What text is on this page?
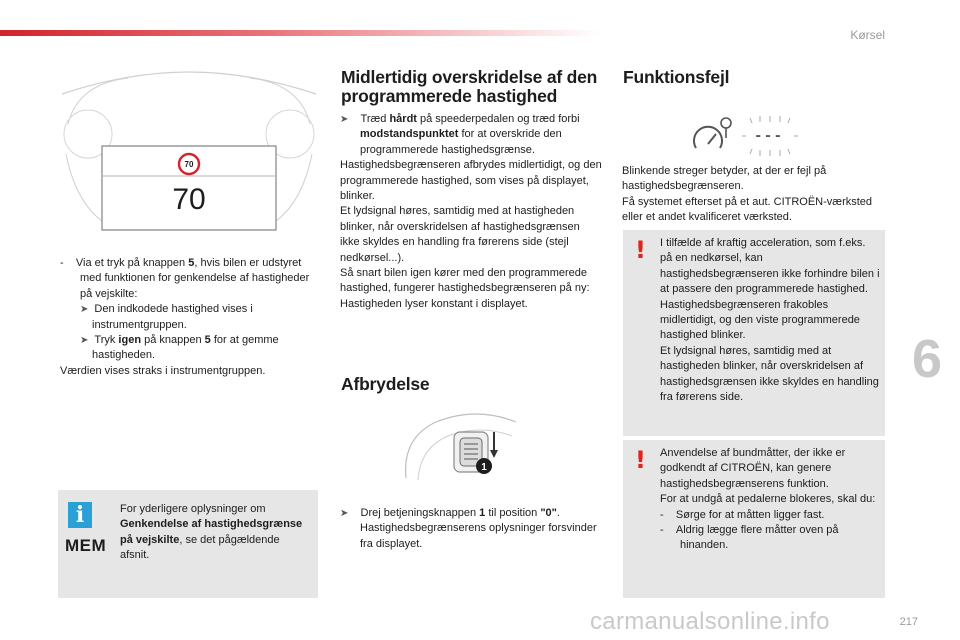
Kørsel
6
217
70
70

-    Via et tryk på knappen 5, hvis bilen er udstyret med funktionen for genkendelse af hastigheder på vejskilte:

➤ Den indkodede hastighed vises i instrumentgruppen.

➤ Tryk igen på knappen 5 for at gemme hastigheden.

Værdien vises straks i instrumentgruppen.

i
MEM
For yderligere oplysninger om Genkendelse af hastighedsgrænse på vejskilte, se det pågældende afsnit.
Midlertidig overskridelse af den programmerede hastighed

➤ Træd hårdt på speederpedalen og træd forbi modstandspunktet for at overskride den programmerede hastighedsgrænse.

Hastighedsbegrænseren afbrydes midlertidigt, og den programmerede hastighed, som vises på displayet, blinker.

Et lydsignal høres, samtidig med at hastigheden blinker, når overskridelsen af hastighedsgrænsen ikke skyldes en handling fra førerens side (stejl nedkørsel...).

Så snart bilen igen kører med den programmerede hastighed, fungerer hastighedsbegrænseren på ny: Hastigheden lyser konstant i displayet.

Afbrydelse
1

➤ Drej betjeningsknappen 1 til position "0". Hastighedsbegrænserens oplysninger forsvinder fra displayet.

Funktionsfejl
- - -

Blinkende streger betyder, at der er fejl på hastighedsbegrænseren.

Få systemet efterset på et aut. CITROËN-værksted eller et andet kvalificeret værksted.

! I tilfælde af kraftig acceleration, som f.eks. på en nedkørsel, kan hastighedsbegrænseren ikke forhindre bilen i at passere den programmerede hastighed.

Hastighedsbegrænseren frakobles midlertidigt, og den viste programmerede hastighed blinker.

Et lydsignal høres, samtidig med at hastigheden blinker, når overskridelsen af hastighedsgrænsen ikke skyldes en handling fra førerens side.

! Anvendelse af bundmåtter, der ikke er godkendt af CITROËN, kan genere hastighedsbegrænserens funktion.

For at undgå at pedalerne blokeres, skal du:

-    Sørge for at måtten ligger fast.

-    Aldrig lægge flere måtter oven på hinanden.

carmanualsonline.info
